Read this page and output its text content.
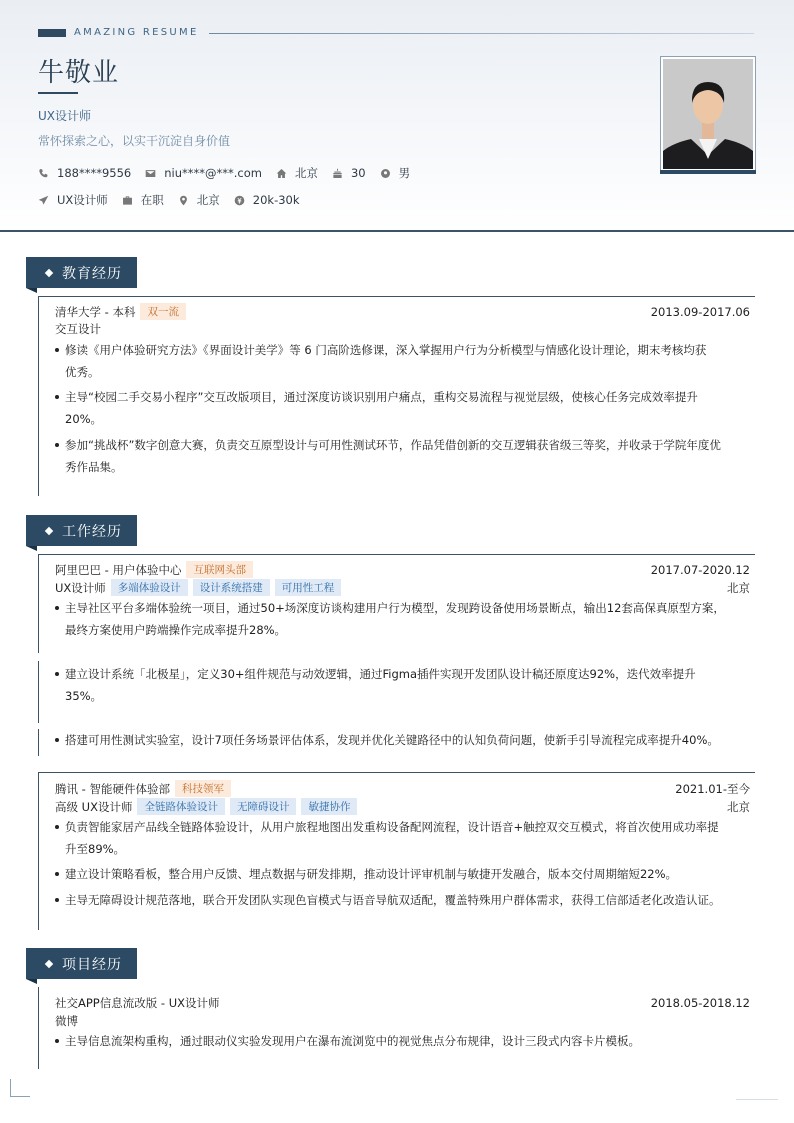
AMAZING RESUME
牛敬业
UX设计师
常怀探索之心，以实干沉淀自身价值
188****9556	niu****@***.com	北京	30	男
UX设计师	在职	北京	20k-30k
教育经历
清华大学 - 本科	双一流	2013.09-2017.06
交互设计
修读《用户体验研究方法》《界面设计美学》等 6 门高阶选修课，深入掌握用户行为分析模型与情感化设计理论，期末考核均获
优秀。
主导“校园二手交易小程序”交互改版项目，通过深度访谈识别用户痛点，重构交易流程与视觉层级，使核心任务完成效率提升
20%。
参加“挑战杯”数字创意大赛，负责交互原型设计与可用性测试环节，作品凭借创新的交互逻辑获省级三等奖，并收录于学院年度优
秀作品集。
工作经历
阿里巴巴 - 用户体验中心	互联网头部	2017.07-2020.12
UX设计师	多端体验设计	设计系统搭建	可用性工程	北京
主导社区平台多端体验统一项目，通过50+场深度访谈构建用户行为模型，发现跨设备使用场景断点，输出12套高保真原型方案，
最终方案使用户跨端操作完成率提升28%。
建立设计系统「北极星」，定义30+组件规范与动效逻辑，通过Figma插件实现开发团队设计稿还原度达92%，迭代效率提升
35%。
搭建可用性测试实验室，设计7项任务场景评估体系，发现并优化关键路径中的认知负荷问题，使新手引导流程完成率提升40%。
腾讯 - 智能硬件体验部	科技领军	2021.01-至今
高级 UX设计师	全链路体验设计	无障碍设计	敏捷协作	北京
负责智能家居产品线全链路体验设计，从用户旅程地图出发重构设备配网流程，设计语音+触控双交互模式，将首次使用成功率提
升至89%。
建立设计策略看板，整合用户反馈、埋点数据与研发排期，推动设计评审机制与敏捷开发融合，版本交付周期缩短22%。
主导无障碍设计规范落地，联合开发团队实现色盲模式与语音导航双适配，覆盖特殊用户群体需求，获得工信部适老化改造认证。
项目经历
社交APP信息流改版 - UX设计师	2018.05-2018.12
微博
主导信息流架构重构，通过眼动仪实验发现用户在瀑布流浏览中的视觉焦点分布规律，设计三段式内容卡片模板。
